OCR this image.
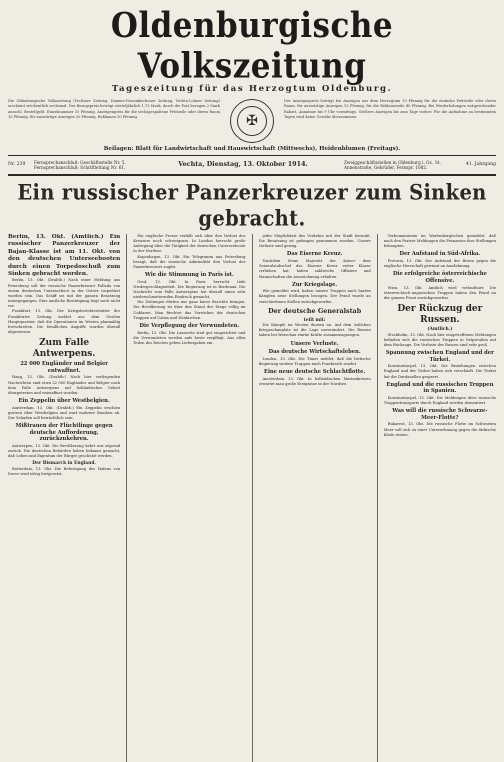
Oldenburgische Volkszeitung
Tageszeitung für das Herzogtum Oldenburg.
Die Oldenburgische Volkszeitung (Vechtaer Zeitung, Damme-Neuenkirchener Zeitung, Vechta-Lohner Zeitung) erscheint wöchentlich sechsmal. Der Bezugspreis beträgt vierteljährlich 1,75 Mark, durch die Post bezogen 2 Mark ausschl. Bestellgeld. Einzelnummer 10 Pfennig. Anzeigenpreis für die sechsgespaltene Petitzeile oder deren Raum 15 Pfennig, für auswärtige Anzeigen 20 Pfennig, Reklamen 50 Pfennig.	✠
Der Anzeigenpreis beträgt bei Anzeigen aus dem Herzogtum 10 Pfennig für die einfache Petitzeile oder deren Raum, für auswärtige Anzeigen 15 Pfennig, für die Reklamezeile 40 Pfennig. Bei Wiederholungen entsprechender Rabatt. Annahme bis 9 Uhr vormittags. Größere Anzeigen bis zum Tage vorher. Für die Aufnahme an bestimmten Tagen wird keine Gewähr übernommen.
Beilagen: Blatt für Landwirtschaft und Hauswirtschaft (Mittwochs), Heidenblumen (Freitags).
Nr. 239
Fernsprechanschluß: Geschäftsstelle Nr. 5, Fernsprechanschluß: Schriftleitung Nr. 61.	Vechta, Dienstag, 13. Oktober 1914.	Zweiggeschäftsstellen in Oldenburg i. Gr., St. Annenstraße, Gebrüder, Fernspr. 1082.
41. Jahrgang
Ein russischer Panzerkreuzer zum Sinken gebracht.

Berlin, 13. Okt. (Amtlich.) Ein russischer Panzerkreuzer der Bajan-Klasse ist am 11. Okt. von den deutschen Unterseebooten durch einen Torpedoschuß zum Sinken gebracht worden.

Berlin, 13. Okt. (Drahtb.) Nach einer Meldung aus Petersburg soll der russische Panzerkreuzer Pallada von einem deutschen Unterseeboot in der Ostsee torpediert worden sein. Das Schiff sei mit der ganzen Besatzung untergegangen. Eine amtliche Bestätigung liegt noch nicht vor.

Frankfurt, 13. Okt. Der Kriegsberichterstatter der Frankfurter Zeitung meldet aus dem Großen Hauptquartier, daß die Operationen im Westen planmäßig fortschreiten. Die feindlichen Angriffe wurden überall abgewiesen.

Zum Falle Antwerpens.
22 000 Engländer und Belgier entwaffnet.

Haag, 13. Okt. (Drahtb.) Nach hier vorliegenden Nachrichten sind etwa 22 000 Engländer und Belgier nach dem Falle Antwerpens auf holländisches Gebiet übergetreten und entwaffnet worden.

Ein Zeppelin über Westbelgien.

Amsterdam, 13. Okt. (Drahtb.) Ein Zeppelin erschien gestern über Westbelgien und warf mehrere Bomben ab. Der Schaden soll beträchtlich sein.

Mißtrauen der Flüchtlinge gegen deutsche Aufforderung, zurückzukehren.

Antwerpen, 13. Okt. Die Bevölkerung kehrt nur zögernd zurück. Die deutschen Behörden haben bekannt gemacht, daß Leben und Eigentum der Bürger geschützt werden.

Der Bismarck in England.

Rotterdam, 13. Okt. Die Befestigung des Hafens von Dover wird eifrig fortgesetzt.

Die englische Presse verhält sich über den Verlust des Kreuzers noch schweigsam. In London herrscht große Aufregung über die Tätigkeit der deutschen Unterseeboote in der Nordsee.

Kopenhagen, 13. Okt. Ein Telegramm aus Petersburg besagt, daß die russische Admiralität den Verlust des Panzerkreuzers zugibt.

Wie die Stimmung in Paris ist.

Genf, 13. Okt. In Paris herrscht tiefe Niedergeschlagenheit. Die Regierung ist in Bordeaux. Die Nachricht vom Falle Antwerpens hat überall einen sehr niederschmetternden Eindruck gemacht.

Die Zeitungen dürfen nur ganz kurze Berichte bringen. Die Bevölkerung ist über den Stand der Dinge völlig im Unklaren. Man fürchtet das Vorrücken der deutschen Truppen auf Calais und Dünkirchen.

Die Verpflegung der Verwundeten.

Berlin, 13. Okt. Die Lazarette sind gut eingerichtet und die Verwundeten werden aufs beste verpflegt. Aus allen Teilen des Reiches gehen Liebesgaben ein.

jeder Möglichkeit des Verkehrs mit der Stadt beraubt. Die Besatzung ist gefangen genommen worden. Unsere Verluste sind gering.

Das Eiserne Kreuz.

Nachdem Seine Majestät der Kaiser dem Generalstabschef das Eiserne Kreuz erster Klasse verliehen hat, haben zahlreiche Offiziere und Mannschaften die Auszeichnung erhalten.

Zur Kriegslage.

Wie gemeldet wird, haben unsere Truppen nach harten Kämpfen neue Stellungen bezogen. Der Feind wurde an verschiedenen Stellen zurückgeworfen.

Der deutsche Generalstab
teilt mit:

Die Kämpfe im Westen dauern an. Auf dem östlichen Kriegsschauplatz ist die Lage unverändert. Die Russen haben bei Warschau starke Kräfte zusammengezogen.

Unsere Verluste.
Das deutsche Wirtschaftsleben.

London, 13. Okt. Die Times meldet, daß die britische Regierung weitere Truppen nach Frankreich sendet.

Eine neue deutsche Schlachtflotte.

Amsterdam, 13. Okt. In holländischen Marinekreisen erwartet man große Ereignisse in der Nordsee.

Vorkommnissen im Wartenbergischen gemeldet, daß nach den Pariser Meldungen die Franzosen ihre Stellungen behaupten.

Der Aufstand in Süd-Afrika.

Pretoria, 13. Okt. Der Aufstand der Buren gegen die englische Herrschaft gewinnt an Ausdehnung.

Die erfolgreiche österreichische Offensive.

Wien, 13. Okt. Amtlich wird verlautbart: Die österreichisch-ungarischen Truppen haben den Feind an der ganzen Front zurückgeworfen.

Der Rückzug der Russen.
(Amtlich.)

Stockholm, 13. Okt. Nach hier eingetroffenen Meldungen befinden sich die russischen Truppen in Ostpreußen auf dem Rückzuge. Die Verluste der Russen sind sehr groß.

Spannung zwischen England und der Türkei.

Konstantinopel, 13. Okt. Die Beziehungen zwischen England und der Türkei haben sich verschärft. Die Türkei hat die Dardanellen gesperrt.

England und die russischen Truppen in Spanien.

Konstantinopel, 13. Okt. Die Meldungen über russische Truppentransporte durch England werden dementiert.

Was will die russische Schwarze-Meer-Flotte?

Bukarest, 13. Okt. Die russische Flotte im Schwarzen Meer soll sich zu einer Unternehmung gegen die türkische Küste rüsten.
